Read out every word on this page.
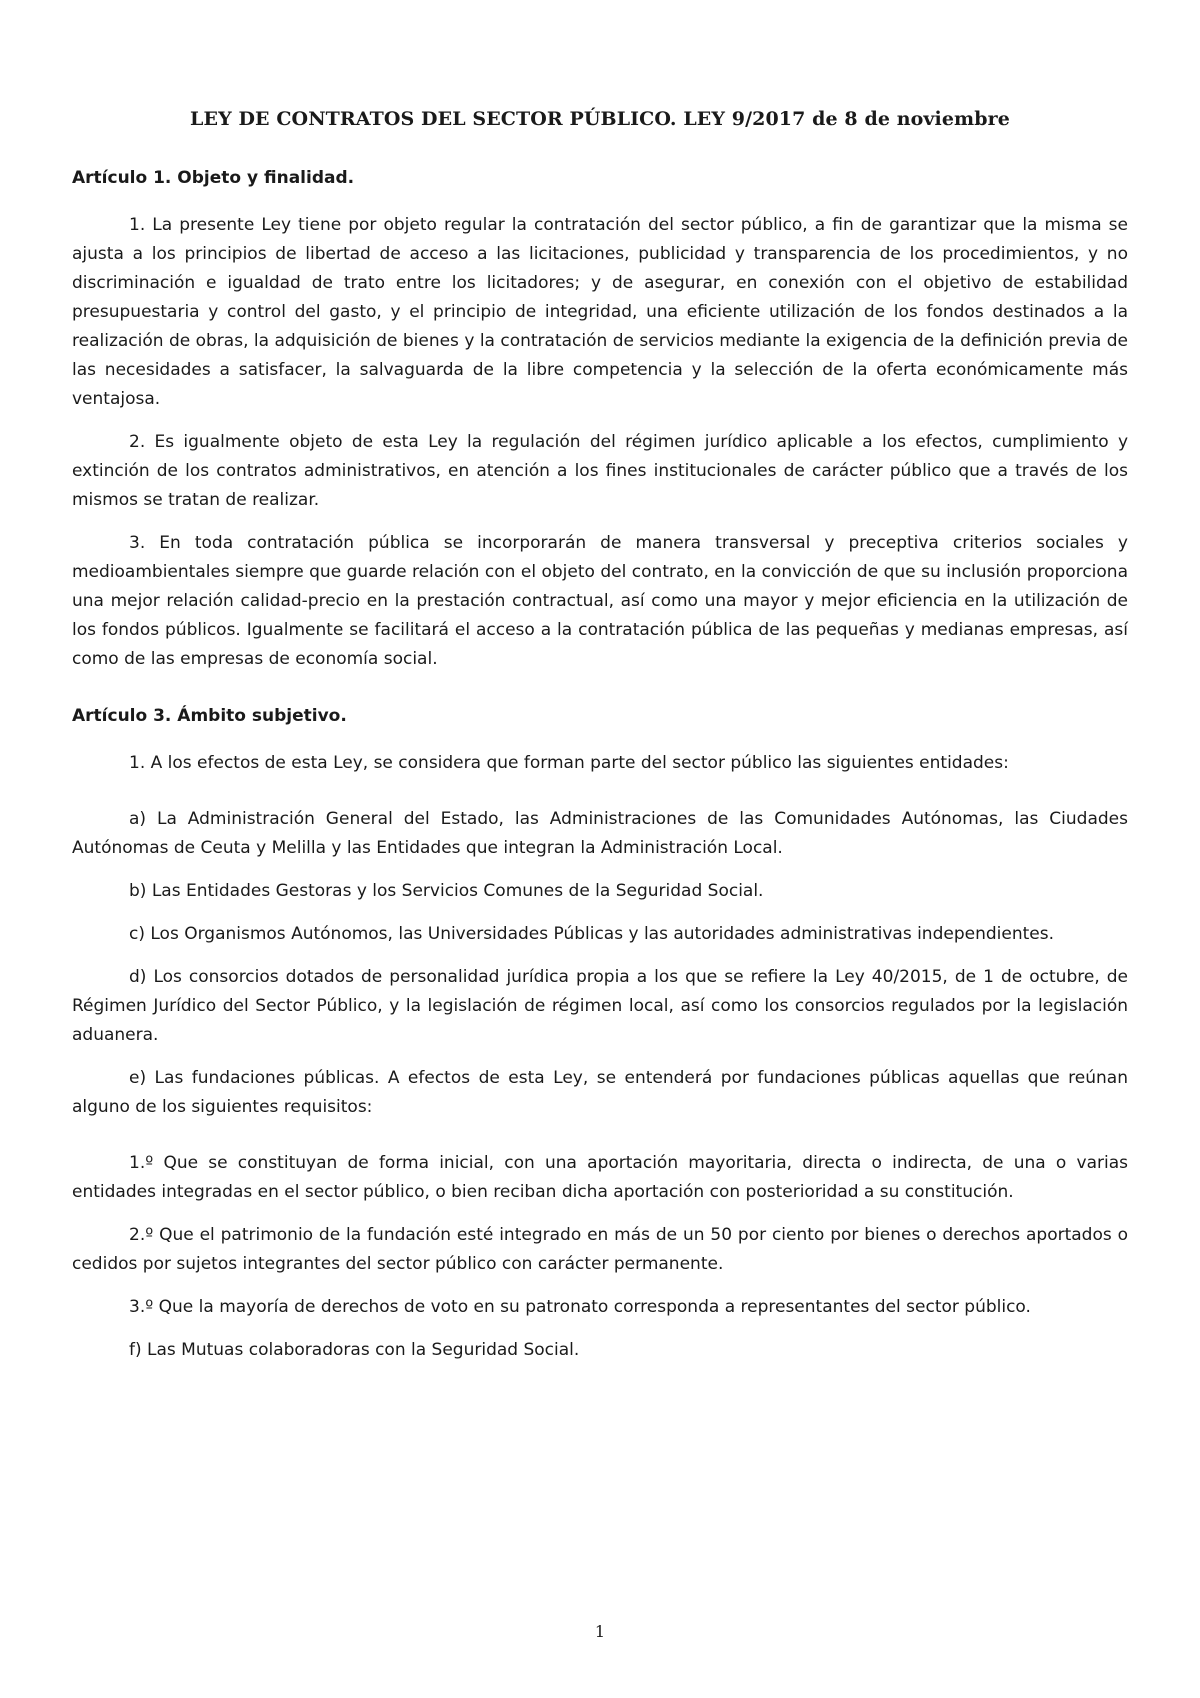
LEY DE CONTRATOS DEL SECTOR PÚBLICO. LEY 9/2017 de 8 de noviembre
Artículo 1. Objeto y finalidad.

1. La presente Ley tiene por objeto regular la contratación del sector público, a fin de garantizar que la misma se ajusta a los principios de libertad de acceso a las licitaciones, publicidad y transparencia de los procedimientos, y no discriminación e igualdad de trato entre los licitadores; y de asegurar, en conexión con el objetivo de estabilidad presupuestaria y control del gasto, y el principio de integridad, una eficiente utilización de los fondos destinados a la realización de obras, la adquisición de bienes y la contratación de servicios mediante la exigencia de la definición previa de las necesidades a satisfacer, la salvaguarda de la libre competencia y la selección de la oferta económicamente más ventajosa.

2. Es igualmente objeto de esta Ley la regulación del régimen jurídico aplicable a los efectos, cumplimiento y extinción de los contratos administrativos, en atención a los fines institucionales de carácter público que a través de los mismos se tratan de realizar.

3. En toda contratación pública se incorporarán de manera transversal y preceptiva criterios sociales y medioambientales siempre que guarde relación con el objeto del contrato, en la convicción de que su inclusión proporciona una mejor relación calidad-precio en la prestación contractual, así como una mayor y mejor eficiencia en la utilización de los fondos públicos. Igualmente se facilitará el acceso a la contratación pública de las pequeñas y medianas empresas, así como de las empresas de economía social.

Artículo 3. Ámbito subjetivo.

1. A los efectos de esta Ley, se considera que forman parte del sector público las siguientes entidades:

a) La Administración General del Estado, las Administraciones de las Comunidades Autónomas, las Ciudades Autónomas de Ceuta y Melilla y las Entidades que integran la Administración Local.

b) Las Entidades Gestoras y los Servicios Comunes de la Seguridad Social.

c) Los Organismos Autónomos, las Universidades Públicas y las autoridades administrativas independientes.

d) Los consorcios dotados de personalidad jurídica propia a los que se refiere la Ley 40/2015, de 1 de octubre, de Régimen Jurídico del Sector Público, y la legislación de régimen local, así como los consorcios regulados por la legislación aduanera.

e) Las fundaciones públicas. A efectos de esta Ley, se entenderá por fundaciones públicas aquellas que reúnan alguno de los siguientes requisitos:

1.º Que se constituyan de forma inicial, con una aportación mayoritaria, directa o indirecta, de una o varias entidades integradas en el sector público, o bien reciban dicha aportación con posterioridad a su constitución.

2.º Que el patrimonio de la fundación esté integrado en más de un 50 por ciento por bienes o derechos aportados o cedidos por sujetos integrantes del sector público con carácter permanente.

3.º Que la mayoría de derechos de voto en su patronato corresponda a representantes del sector público.

f) Las Mutuas colaboradoras con la Seguridad Social.

1
